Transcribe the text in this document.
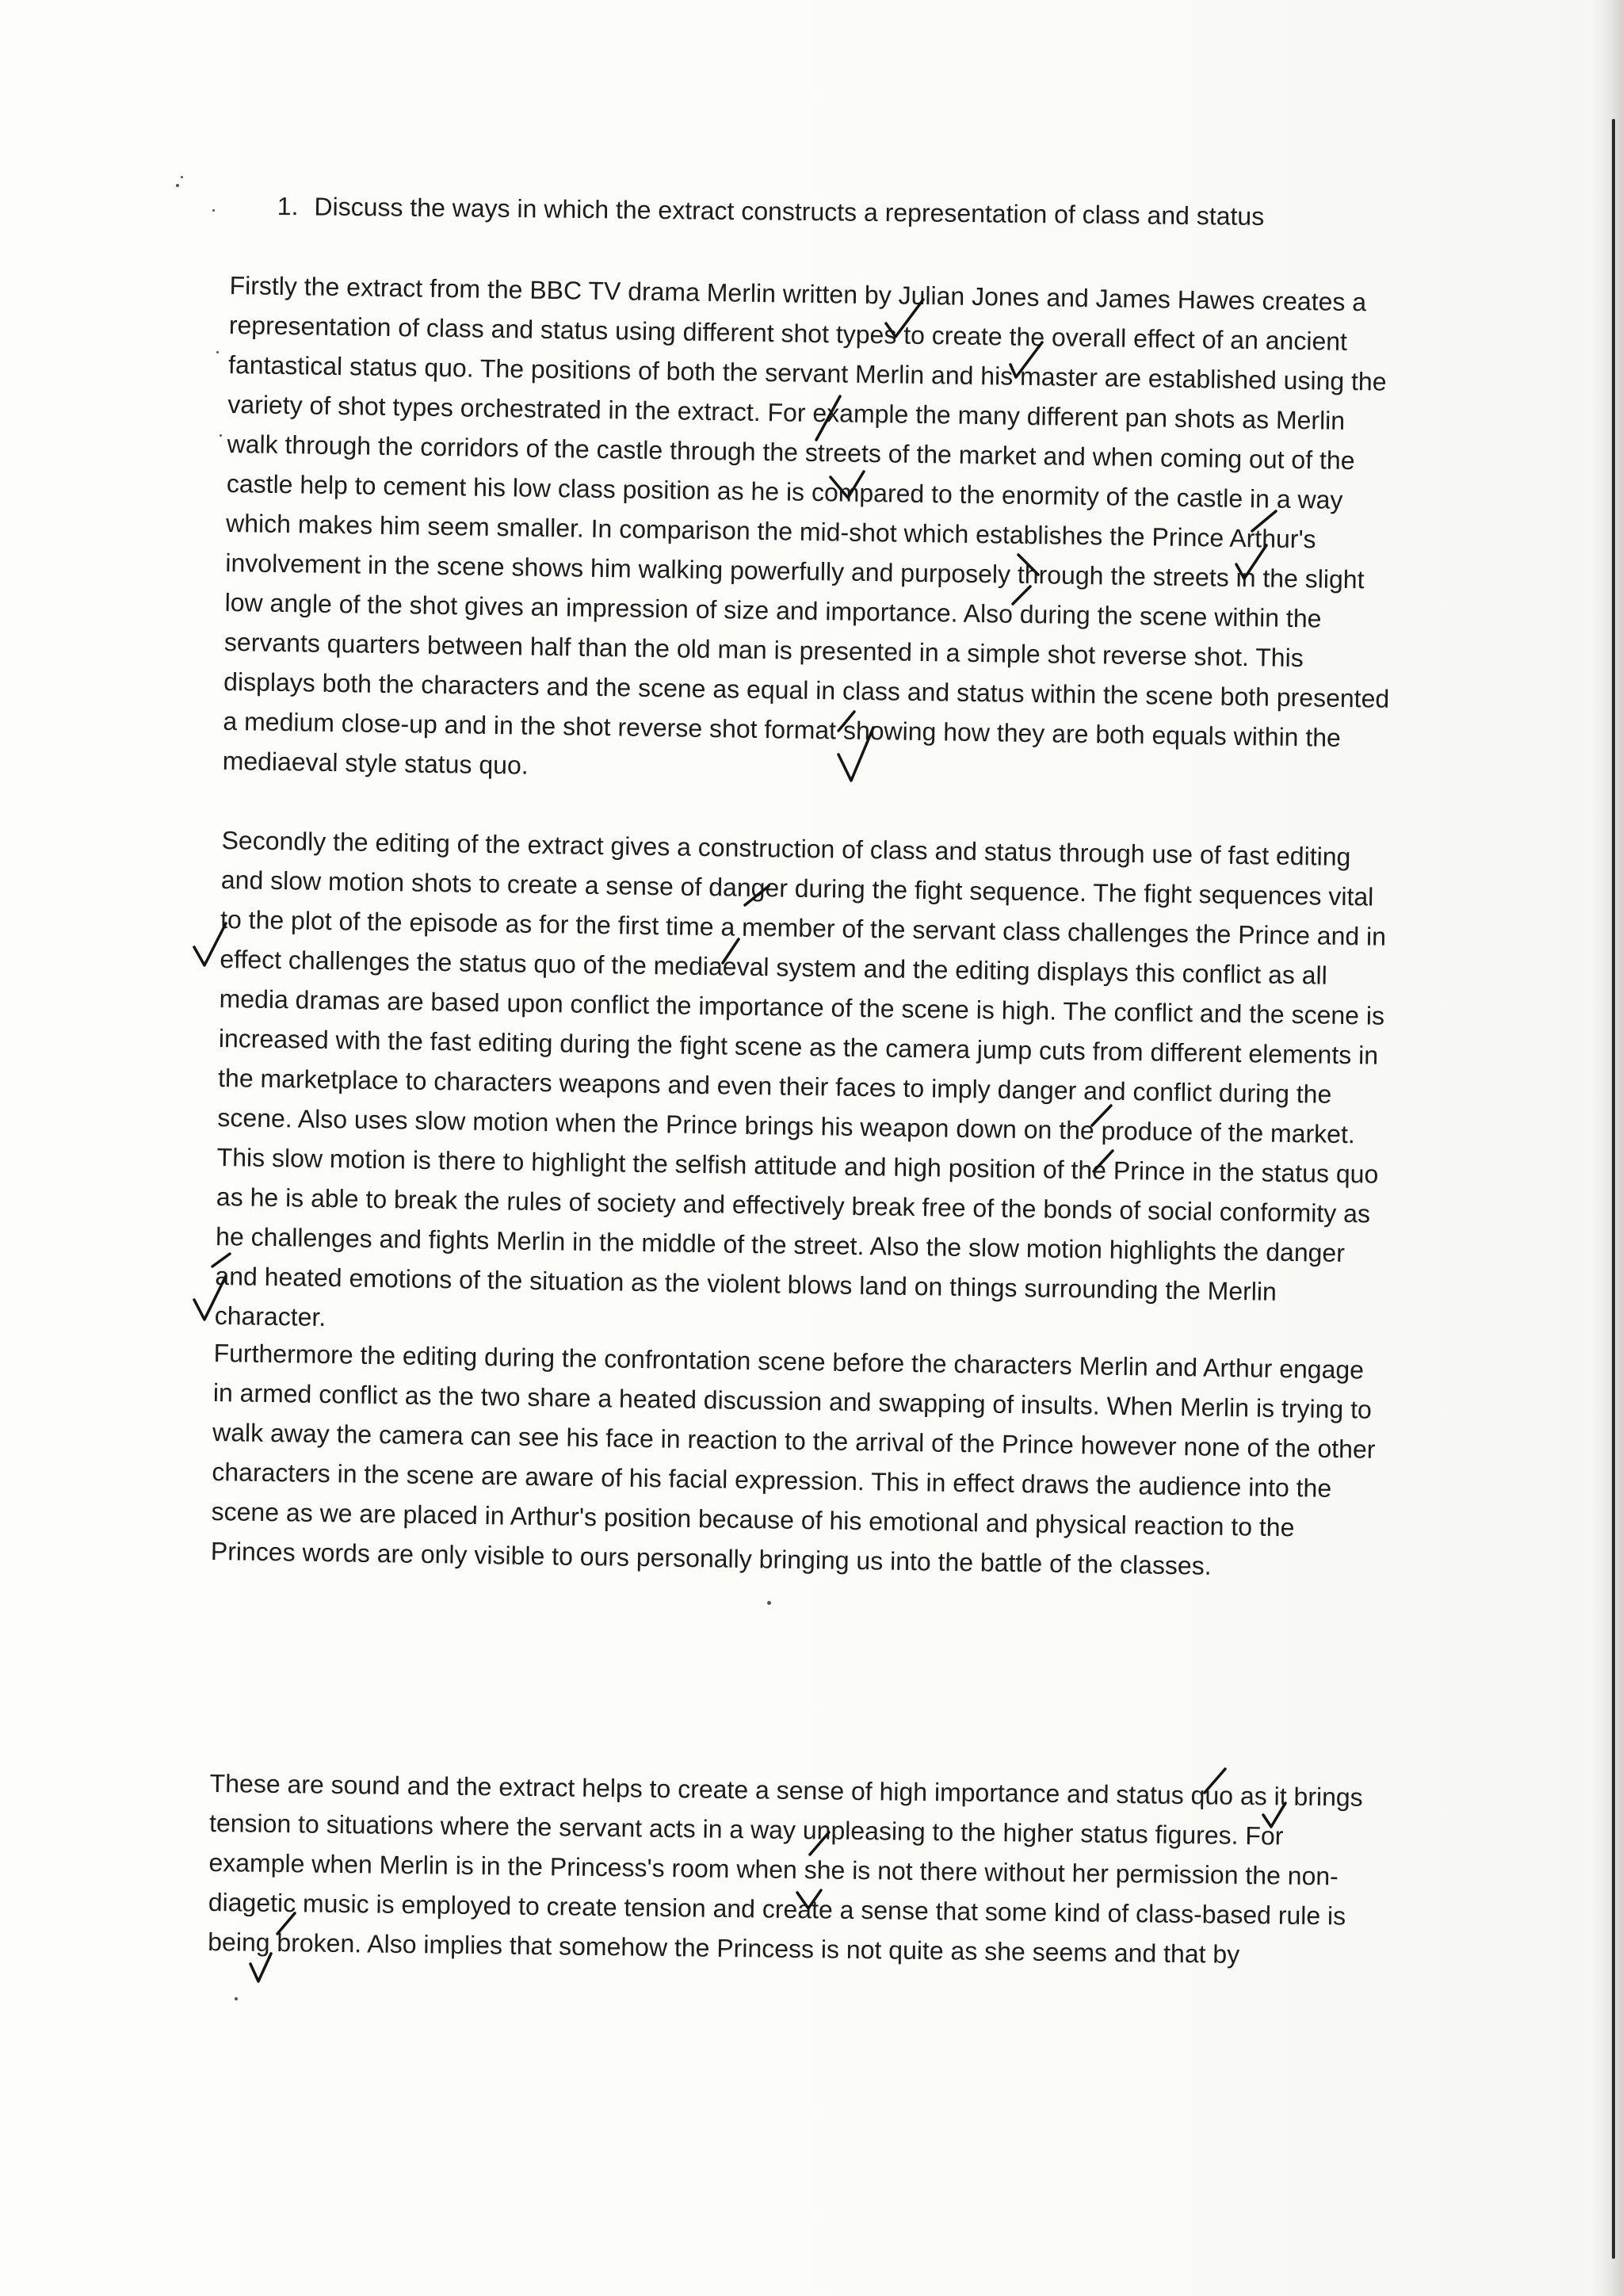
1. Discuss the ways in which the extract constructs a representation of class and status

Firstly the extract from the BBC TV drama Merlin written by Julian Jones and James Hawes creates a representation of class and status using different shot types to create the overall effect of an ancient fantastical status quo. The positions of both the servant Merlin and his master are established using the variety of shot types orchestrated in the extract. For example the many different pan shots as Merlin walk through the corridors of the castle through the streets of the market and when coming out of the castle help to cement his low class position as he is compared to the enormity of the castle in a way which makes him seem smaller. In comparison the mid-shot which establishes the Prince Arthur's involvement in the scene shows him walking powerfully and purposely through the streets in the slight low angle of the shot gives an impression of size and importance. Also during the scene within the servants quarters between half than the old man is presented in a simple shot reverse shot. This displays both the characters and the scene as equal in class and status within the scene both presented a medium close-up and in the shot reverse shot format showing how they are both equals within the mediaeval style status quo.

Secondly the editing of the extract gives a construction of class and status through use of fast editing and slow motion shots to create a sense of danger during the fight sequence. The fight sequences vital to the plot of the episode as for the first time a member of the servant class challenges the Prince and in effect challenges the status quo of the mediaeval system and the editing displays this conflict as all media dramas are based upon conflict the importance of the scene is high. The conflict and the scene is increased with the fast editing during the fight scene as the camera jump cuts from different elements in the marketplace to characters weapons and even their faces to imply danger and conflict during the scene. Also uses slow motion when the Prince brings his weapon down on the produce of the market. This slow motion is there to highlight the selfish attitude and high position of the Prince in the status quo as he is able to break the rules of society and effectively break free of the bonds of social conformity as he challenges and fights Merlin in the middle of the street. Also the slow motion highlights the danger and heated emotions of the situation as the violent blows land on things surrounding the Merlin character.

Furthermore the editing during the confrontation scene before the characters Merlin and Arthur engage in armed conflict as the two share a heated discussion and swapping of insults. When Merlin is trying to walk away the camera can see his face in reaction to the arrival of the Prince however none of the other characters in the scene are aware of his facial expression. This in effect draws the audience into the scene as we are placed in Arthur's position because of his emotional and physical reaction to the Princes words are only visible to ours personally bringing us into the battle of the classes.

These are sound and the extract helps to create a sense of high importance and status quo as it brings tension to situations where the servant acts in a way unpleasing to the higher status figures. For example when Merlin is in the Princess's room when she is not there without her permission the non-diagetic music is employed to create tension and create a sense that some kind of class-based rule is being broken. Also implies that somehow the Princess is not quite as she seems and that by
